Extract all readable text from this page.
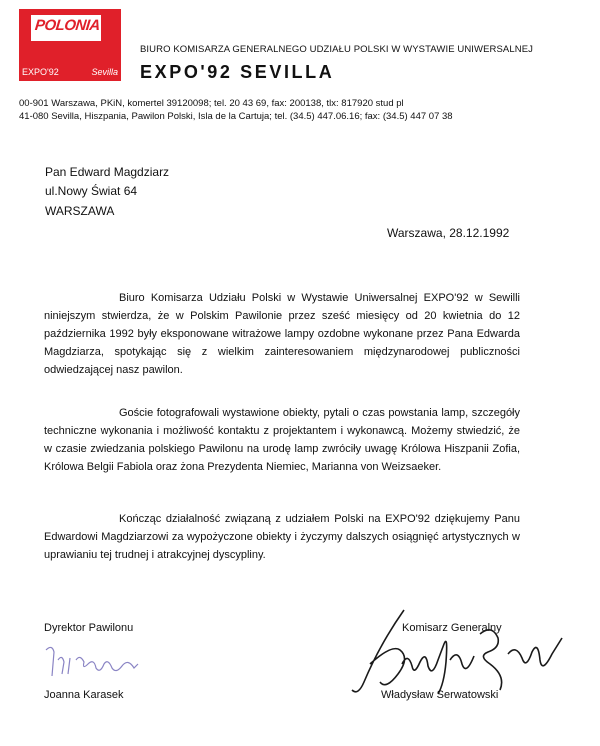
POLONIA
EXPO'92	Sevilla
BIURO KOMISARZA GENERALNEGO UDZIAŁU POLSKI W WYSTAWIE UNIWERSALNEJ
EXPO'92 SEVILLA
00-901 Warszawa, PKiN, komertel 39120098; tel. 20 43 69, fax: 200138, tlx: 817920 stud pl
41-080 Sevilla, Hiszpania, Pawilon Polski, Isla de la Cartuja; tel. (34.5) 447.06.16; fax: (34.5) 447 07 38
Pan Edward Magdziarz
ul.Nowy Świat 64
WARSZAWA
Warszawa, 28.12.1992
Biuro Komisarza Udziału Polski w Wystawie Uniwersalnej EXPO'92 w Sewilli niniejszym stwierdza, że w Polskim Pawilonie przez sześć miesięcy od 20 kwietnia do 12 października 1992 były eksponowane witrażowe lampy ozdobne wykonane przez Pana Edwarda Magdziarza, spotykając się z wielkim zainteresowaniem międzynarodowej publiczności odwiedzającej nasz pawilon.
Goście fotografowali wystawione obiekty, pytali o czas powstania lamp, szczegóły techniczne wykonania i możliwość kontaktu z projektantem i wykonawcą. Możemy stwiedzić, że w czasie zwiedzania polskiego Pawilonu na urodę lamp zwróciły uwagę Królowa Hiszpanii Zofia, Królowa Belgii Fabiola oraz żona Prezydenta Niemiec, Marianna von Weizsaeker.
Kończąc działalność związaną z udziałem Polski na EXPO'92 dziękujemy Panu Edwardowi Magdziarzowi za wypożyczone obiekty i życzymy dalszych osiągnięć artystycznych w uprawianiu tej trudnej i atrakcyjnej dyscypliny.
Dyrektor Pawilonu
Joanna Karasek
Komisarz Generalny
Władysław Serwatowski
